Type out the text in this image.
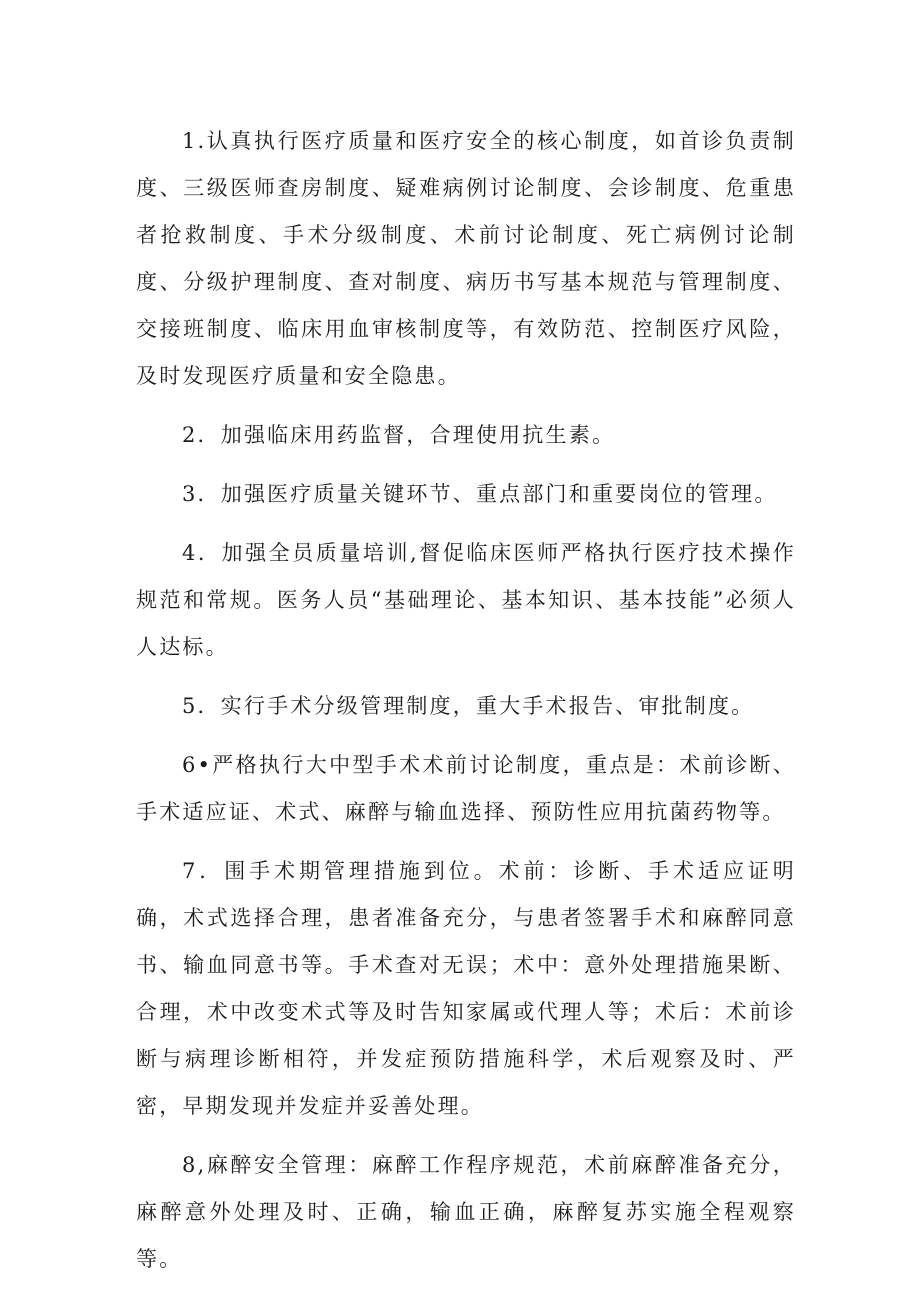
1.认真执行医疗质量和医疗安全的核心制度，如首诊负责制度、三级医师查房制度、疑难病例讨论制度、会诊制度、危重患者抢救制度、手术分级制度、术前讨论制度、死亡病例讨论制度、分级护理制度、查对制度、病历书写基本规范与管理制度、交接班制度、临床用血审核制度等，有效防范、控制医疗风险，及时发现医疗质量和安全隐患。

2．加强临床用药监督，合理使用抗生素。

3．加强医疗质量关键环节、重点部门和重要岗位的管理。

4．加强全员质量培训,督促临床医师严格执行医疗技术操作规范和常规。医务人员“基础理论、基本知识、基本技能”必须人人达标。

5．实行手术分级管理制度，重大手术报告、审批制度。

6•严格执行大中型手术术前讨论制度，重点是：术前诊断、手术适应证、术式、麻醉与输血选择、预防性应用抗菌药物等。

7．围手术期管理措施到位。术前：诊断、手术适应证明确，术式选择合理，患者准备充分，与患者签署手术和麻醉同意书、输血同意书等。手术查对无误；术中：意外处理措施果断、合理，术中改变术式等及时告知家属或代理人等；术后：术前诊断与病理诊断相符，并发症预防措施科学，术后观察及时、严密，早期发现并发症并妥善处理。

8,麻醉安全管理：麻醉工作程序规范，术前麻醉准备充分，麻醉意外处理及时、正确，输血正确，麻醉复苏实施全程观察等。
